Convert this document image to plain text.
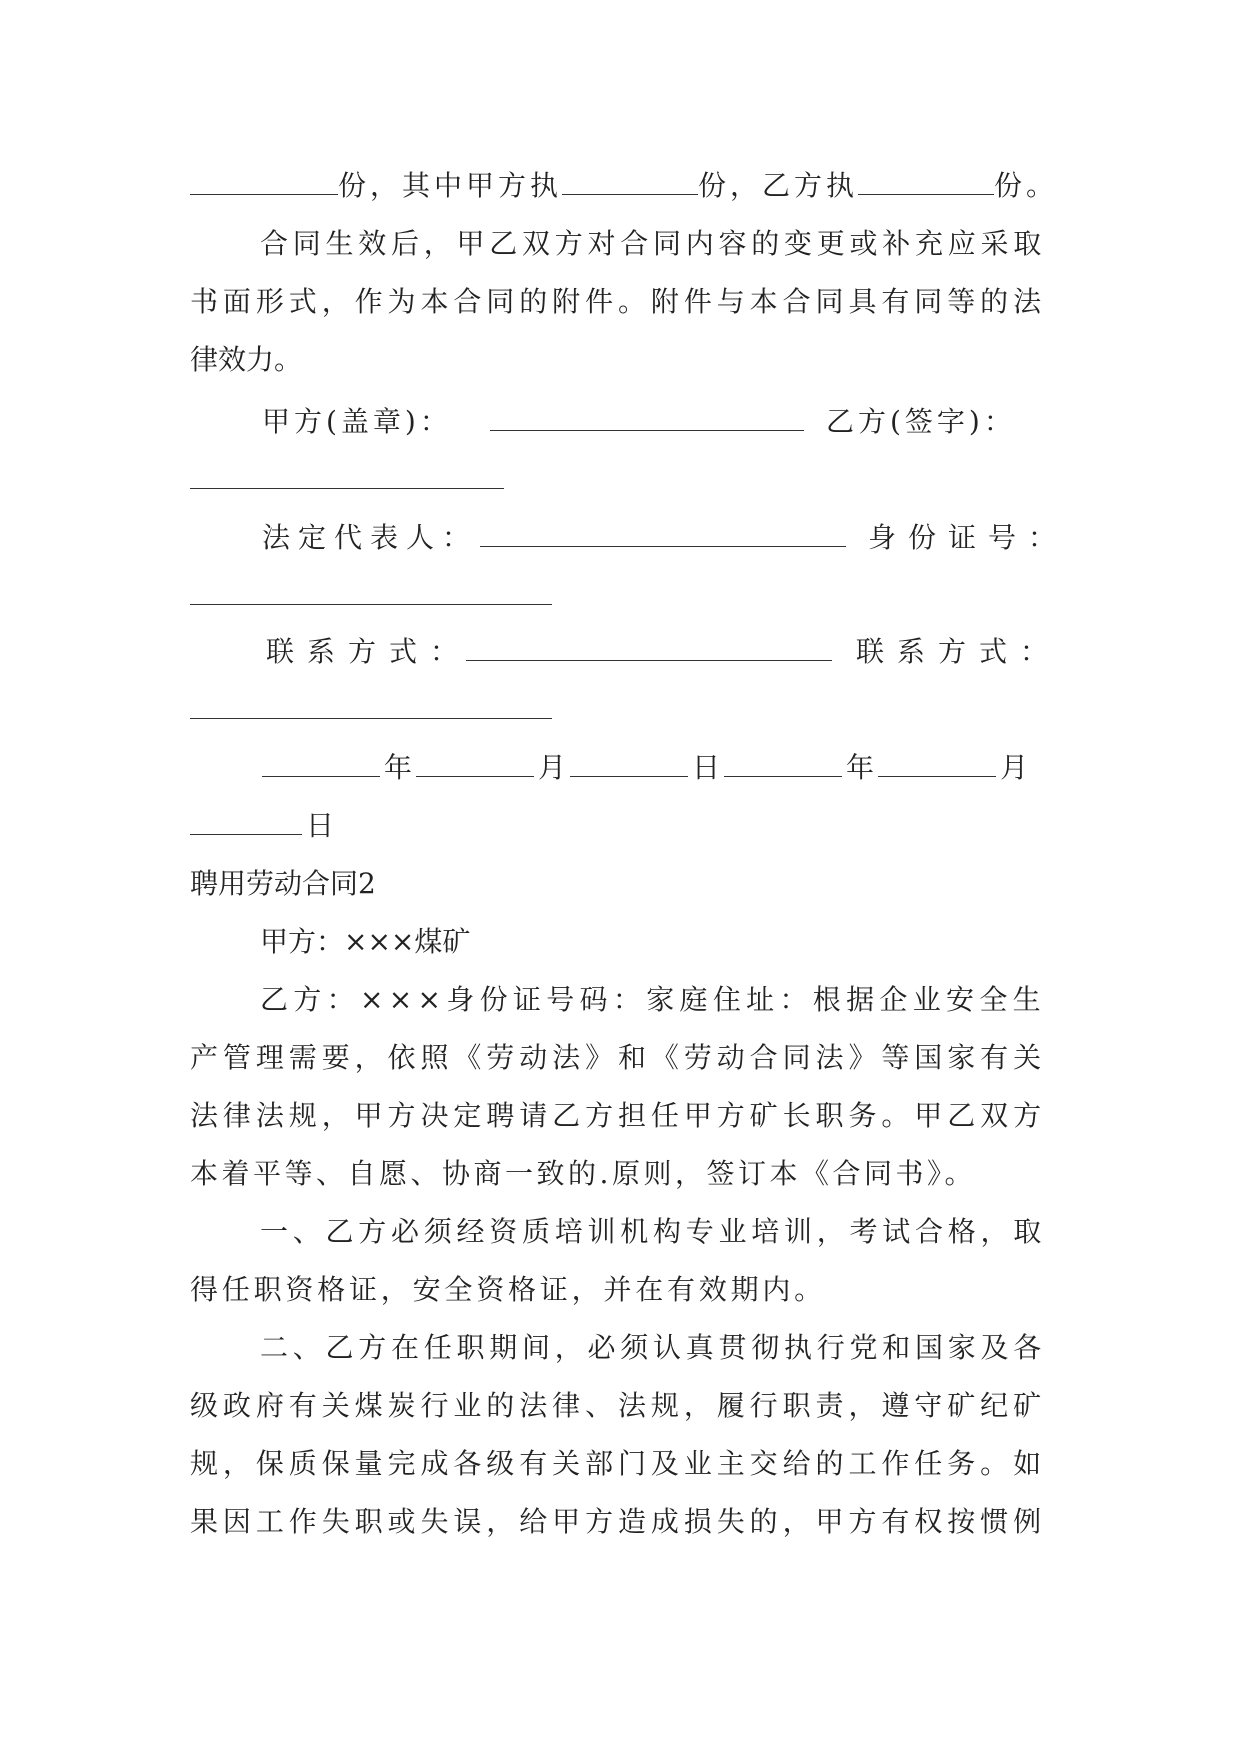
份，其中甲方执	份，乙方执	份。
合同生效后，甲乙双方对合同内容的变更或补充应采取
书面形式，作为本合同的附件。附件与本合同具有同等的法
律效力。
甲方(盖章)：	乙方(签字)：
法定代表人：	身份证号：
联系方式：	联系方式：
年	月	日	年	月
日
聘用劳动合同2
甲方：×××煤矿
乙方：×××身份证号码：家庭住址：根据企业安全生
产管理需要，依照《劳动法》和《劳动合同法》等国家有关
法律法规，甲方决定聘请乙方担任甲方矿长职务。甲乙双方
本着平等、自愿、协商一致的.原则，签订本《合同书》。
一、乙方必须经资质培训机构专业培训，考试合格，取
得任职资格证，安全资格证，并在有效期内。
二、乙方在任职期间，必须认真贯彻执行党和国家及各
级政府有关煤炭行业的法律、法规，履行职责，遵守矿纪矿
规，保质保量完成各级有关部门及业主交给的工作任务。如
果因工作失职或失误，给甲方造成损失的，甲方有权按惯例
